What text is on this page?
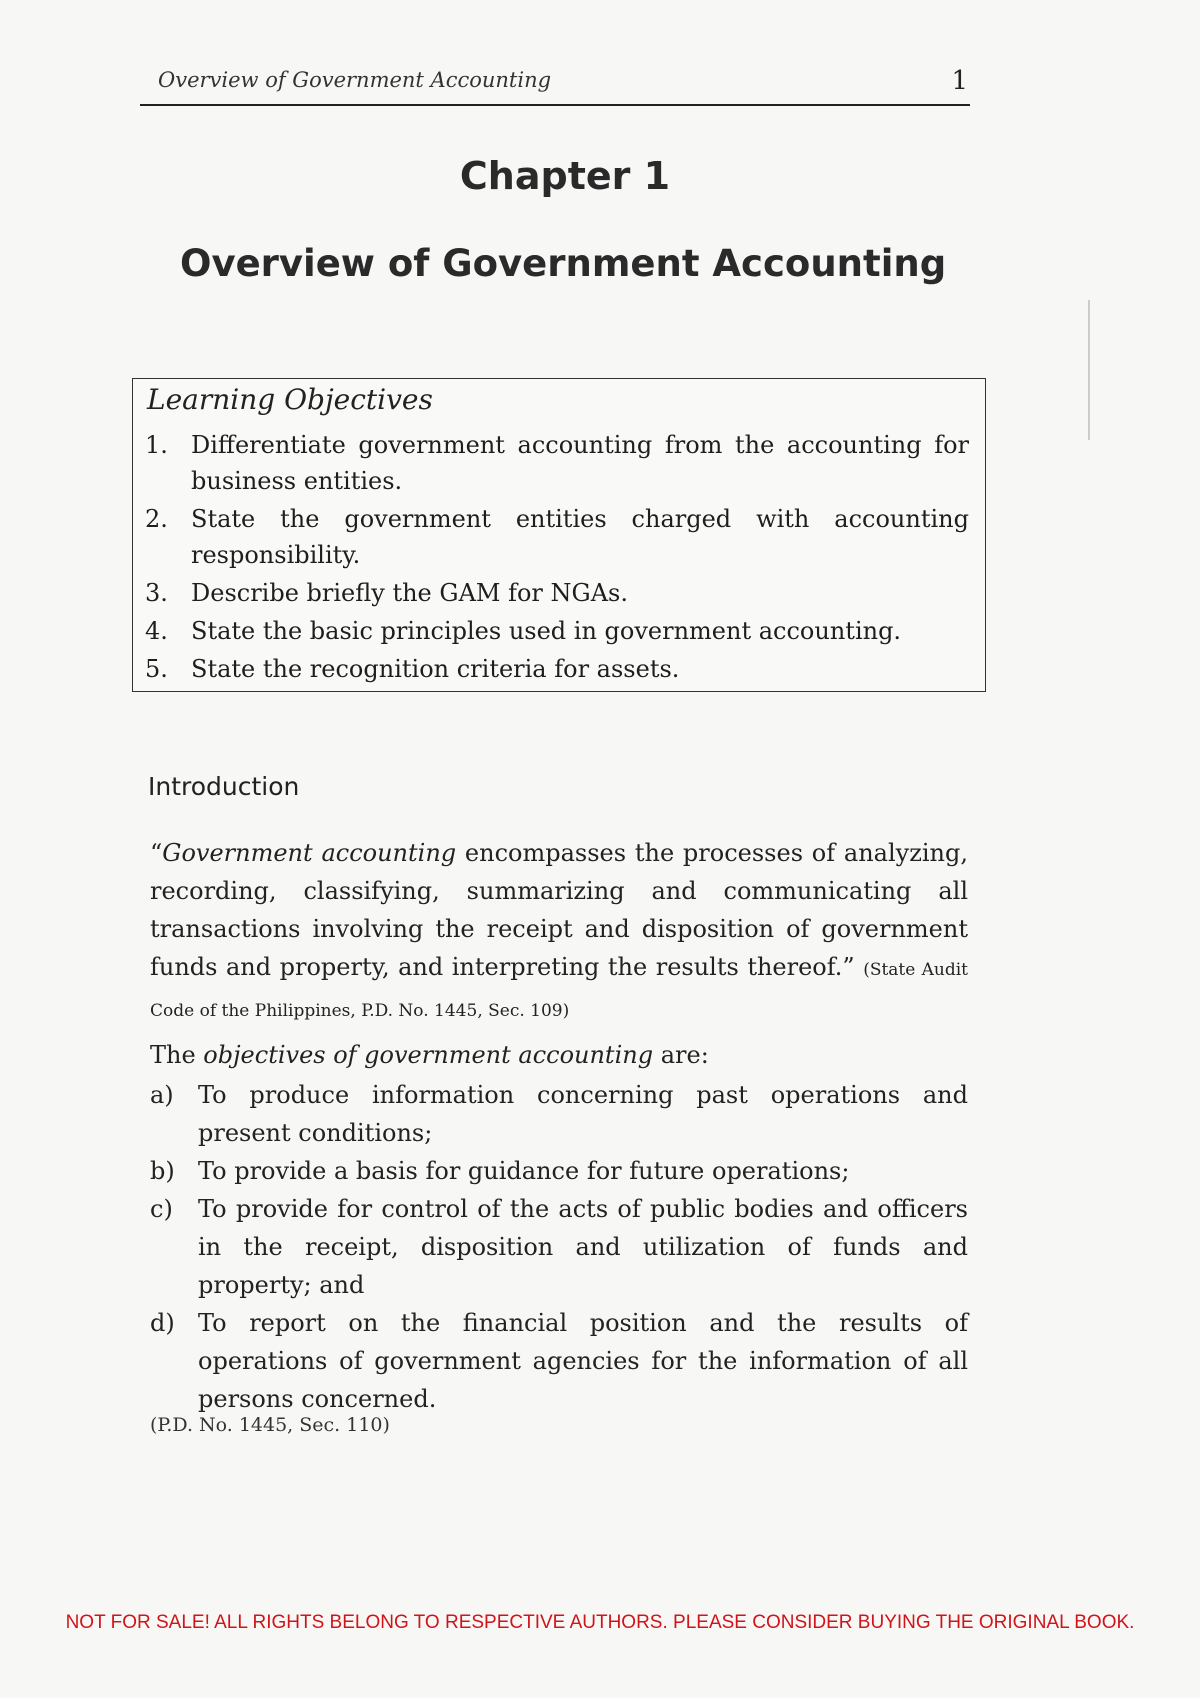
Overview of Government Accounting	1
Chapter 1
Overview of Government Accounting
Learning Objectives
1. Differentiate government accounting from the accounting for business entities.
2. State the government entities charged with accounting responsibility.
3. Describe briefly the GAM for NGAs.
4. State the basic principles used in government accounting.
5. State the recognition criteria for assets.
Introduction

“Government accounting encompasses the processes of analyzing, recording, classifying, summarizing and communicating all transactions involving the receipt and disposition of government funds and property, and interpreting the results thereof.” (State Audit Code of the Philippines, P.D. No. 1445, Sec. 109)

The objectives of government accounting are:
a) To produce information concerning past operations and present conditions;
b) To provide a basis for guidance for future operations;
c) To provide for control of the acts of public bodies and officers in the receipt, disposition and utilization of funds and property; and
d) To report on the financial position and the results of operations of government agencies for the information of all persons concerned.
(P.D. No. 1445, Sec. 110)
NOT FOR SALE! ALL RIGHTS BELONG TO RESPECTIVE AUTHORS. PLEASE CONSIDER BUYING THE ORIGINAL BOOK.
